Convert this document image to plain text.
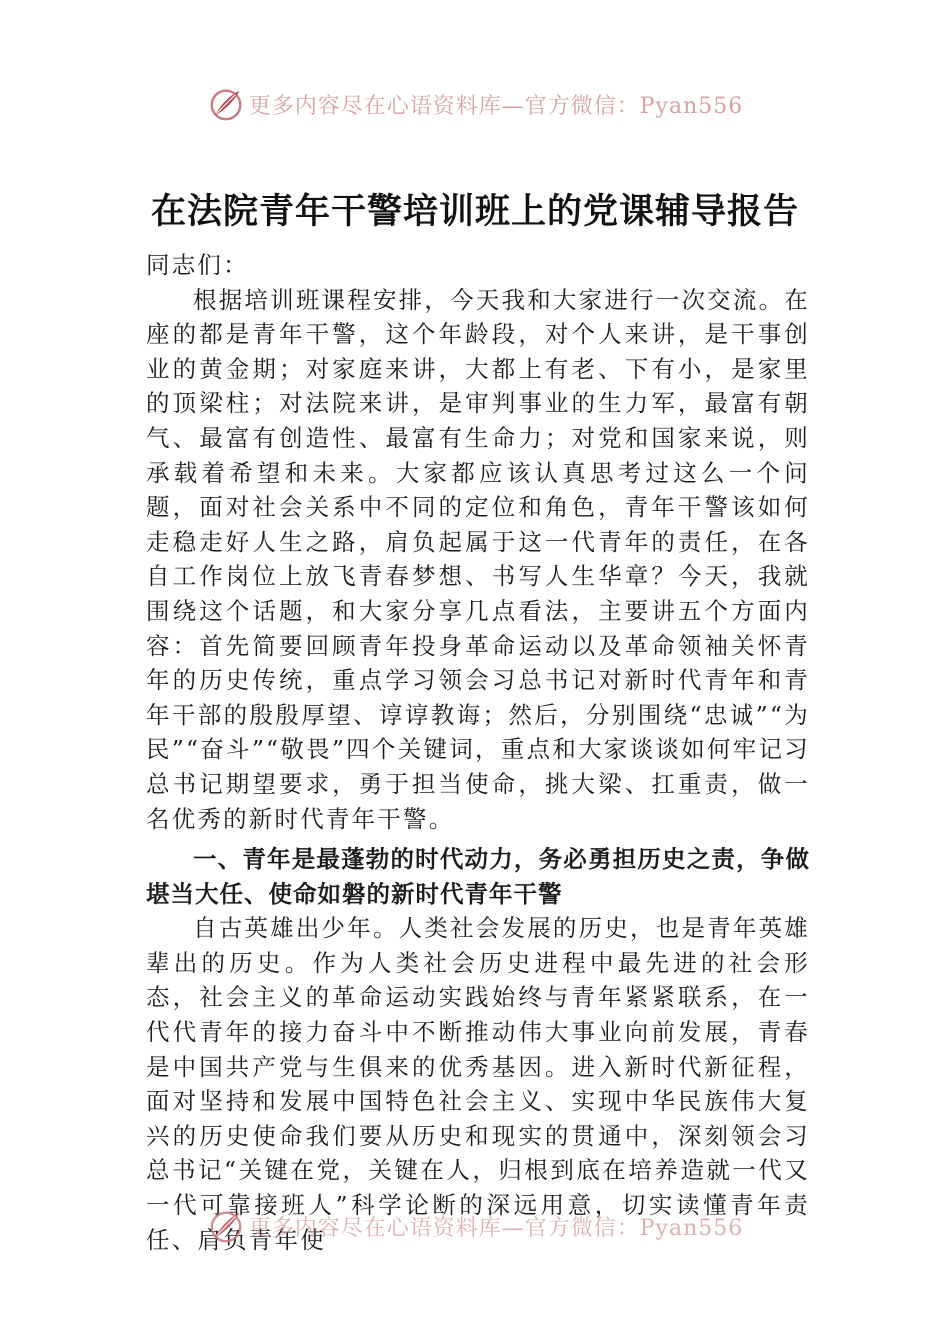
更多内容尽在心语资料库—官方微信：Pyan556
在法院青年干警培训班上的党课辅导报告

同志们：

根据培训班课程安排，今天我和大家进行一次交流。在座的都是青年干警，这个年龄段，对个人来讲，是干事创业的黄金期；对家庭来讲，大都上有老、下有小，是家里的顶梁柱；对法院来讲，是审判事业的生力军，最富有朝气、最富有创造性、最富有生命力；对党和国家来说，则承载着希望和未来。大家都应该认真思考过这么一个问题，面对社会关系中不同的定位和角色，青年干警该如何走稳走好人生之路，肩负起属于这一代青年的责任，在各自工作岗位上放飞青春梦想、书写人生华章？今天，我就围绕这个话题，和大家分享几点看法，主要讲五个方面内容：首先简要回顾青年投身革命运动以及革命领袖关怀青年的历史传统，重点学习领会习总书记对新时代青年和青年干部的殷殷厚望、谆谆教诲；然后，分别围绕“忠诚”“为民”“奋斗”“敬畏”四个关键词，重点和大家谈谈如何牢记习总书记期望要求，勇于担当使命，挑大梁、扛重责，做一名优秀的新时代青年干警。

一、青年是最蓬勃的时代动力，务必勇担历史之责，争做堪当大任、使命如磐的新时代青年干警

自古英雄出少年。人类社会发展的历史，也是青年英雄辈出的历史。作为人类社会历史进程中最先进的社会形态，社会主义的革命运动实践始终与青年紧紧联系，在一代代青年的接力奋斗中不断推动伟大事业向前发展，青春是中国共产党与生俱来的优秀基因。进入新时代新征程，面对坚持和发展中国特色社会主义、实现中华民族伟大复兴的历史使命我们要从历史和现实的贯通中，深刻领会习总书记“关键在党，关键在人，归根到底在培养造就一代又一代可靠接班人”科学论断的深远用意，切实读懂青年责任、肩负青年使

更多内容尽在心语资料库—官方微信：Pyan556
